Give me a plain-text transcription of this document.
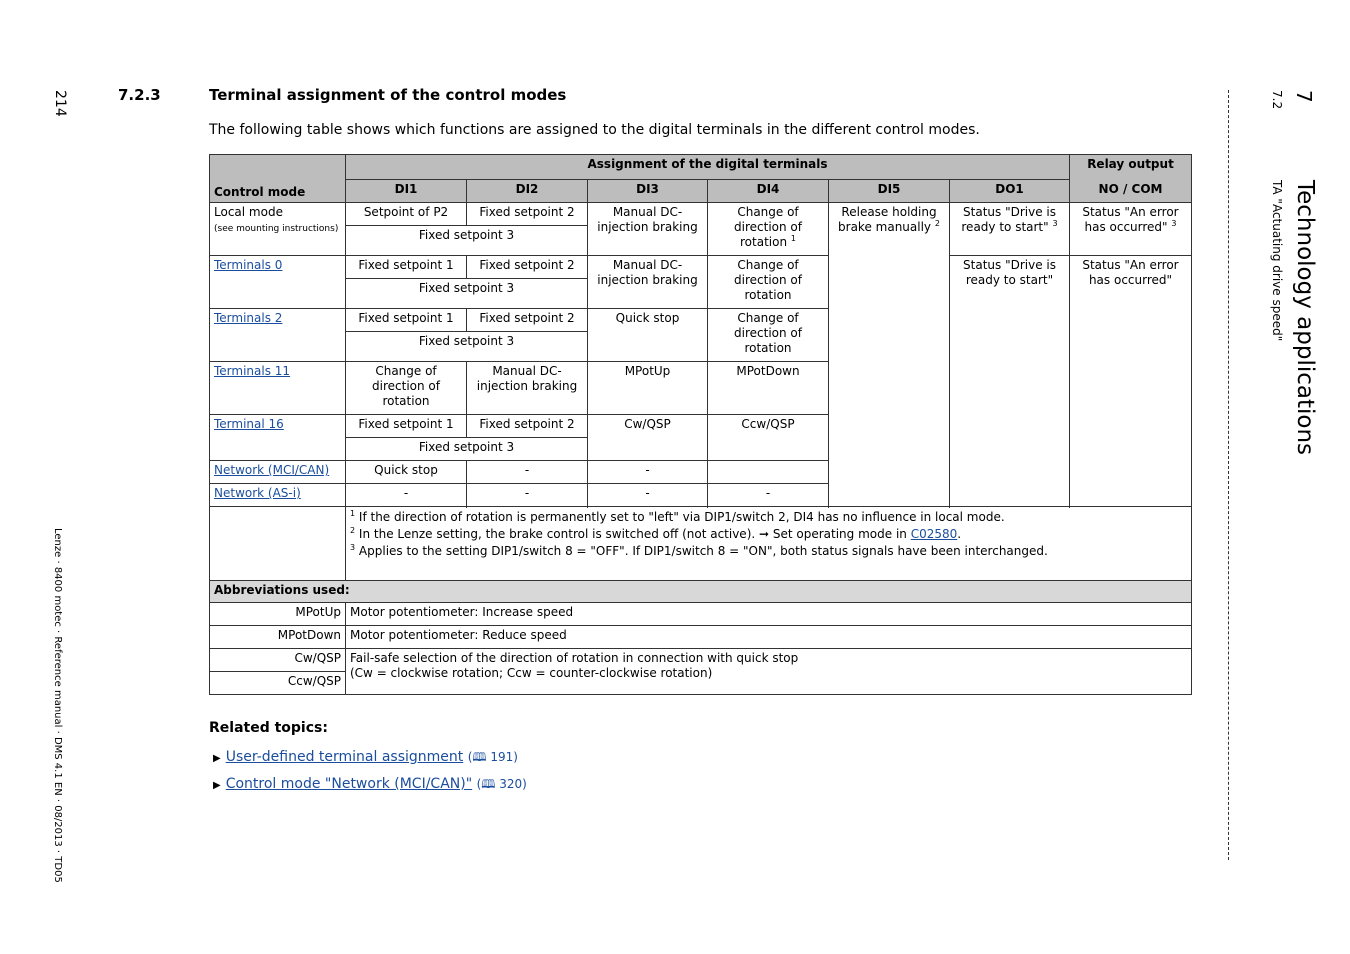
214
Lenze · 8400 motec · Reference manual · DMS 4.1 EN · 08/2013 · TD05
7
Technology applications
7.2
TA "Actuating drive speed"
7.2.3	Terminal assignment of the control modes
The following table shows which functions are assigned to the digital terminals in the different control modes.
	Assignment of the digital terminals						Relay output
Control mode	DI1	DI2	DI3	DI4	DI5	DO1	NO / COM
Local mode
(see mounting instructions)	Setpoint of P2	Fixed setpoint 2	Manual DC-injection braking	Change of direction of rotation $^1$	Release holding brake manually $^2$	Status "Drive is ready to start" $^3$	Status "An error has occurred" $^3$
	Fixed setpoint 3						
Terminals 0	Fixed setpoint 1	Fixed setpoint 2	Manual DC-injection braking	Change of direction of rotation		Status "Drive is ready to start"	Status "An error has occurred"
	Fixed setpoint 3						
Terminals 2	Fixed setpoint 1	Fixed setpoint 2	Quick stop	Change of direction of rotation			
	Fixed setpoint 3						
Terminals 11	Change of direction of rotation	Manual DC-injection braking	MPotUp	MPotDown			

Terminal 16	Fixed setpoint 1	Fixed setpoint 2	Cw/QSP	Ccw/QSP			
	Fixed setpoint 3						
Network (MCI/CAN)	Quick stop	-	-				

Network (AS-i)	-	-	-	-			

	$^1$ If the direction of rotation is permanently set to "left" via DIP1/switch 2, DI4 has no influence in local mode.
$^2$ In the Lenze setting, the brake control is switched off (not active). ➞ Set operating mode in C02580.
$^3$ Applies to the setting DIP1/switch 8 = "OFF". If DIP1/switch 8 = "ON", both status signals have been interchanged.						

Abbreviations used:							
MPotUp	Motor potentiometer: Increase speed						
MPotDown	Motor potentiometer: Reduce speed						
Cw/QSP	Fail-safe selection of the direction of rotation in connection with quick stop
(Cw = clockwise rotation; Ccw = counter-clockwise rotation)						
Ccw/QSP							
Related topics:
▶ User-defined terminal assignment (🕮 191)
▶ Control mode "Network (MCI/CAN)" (🕮 320)
